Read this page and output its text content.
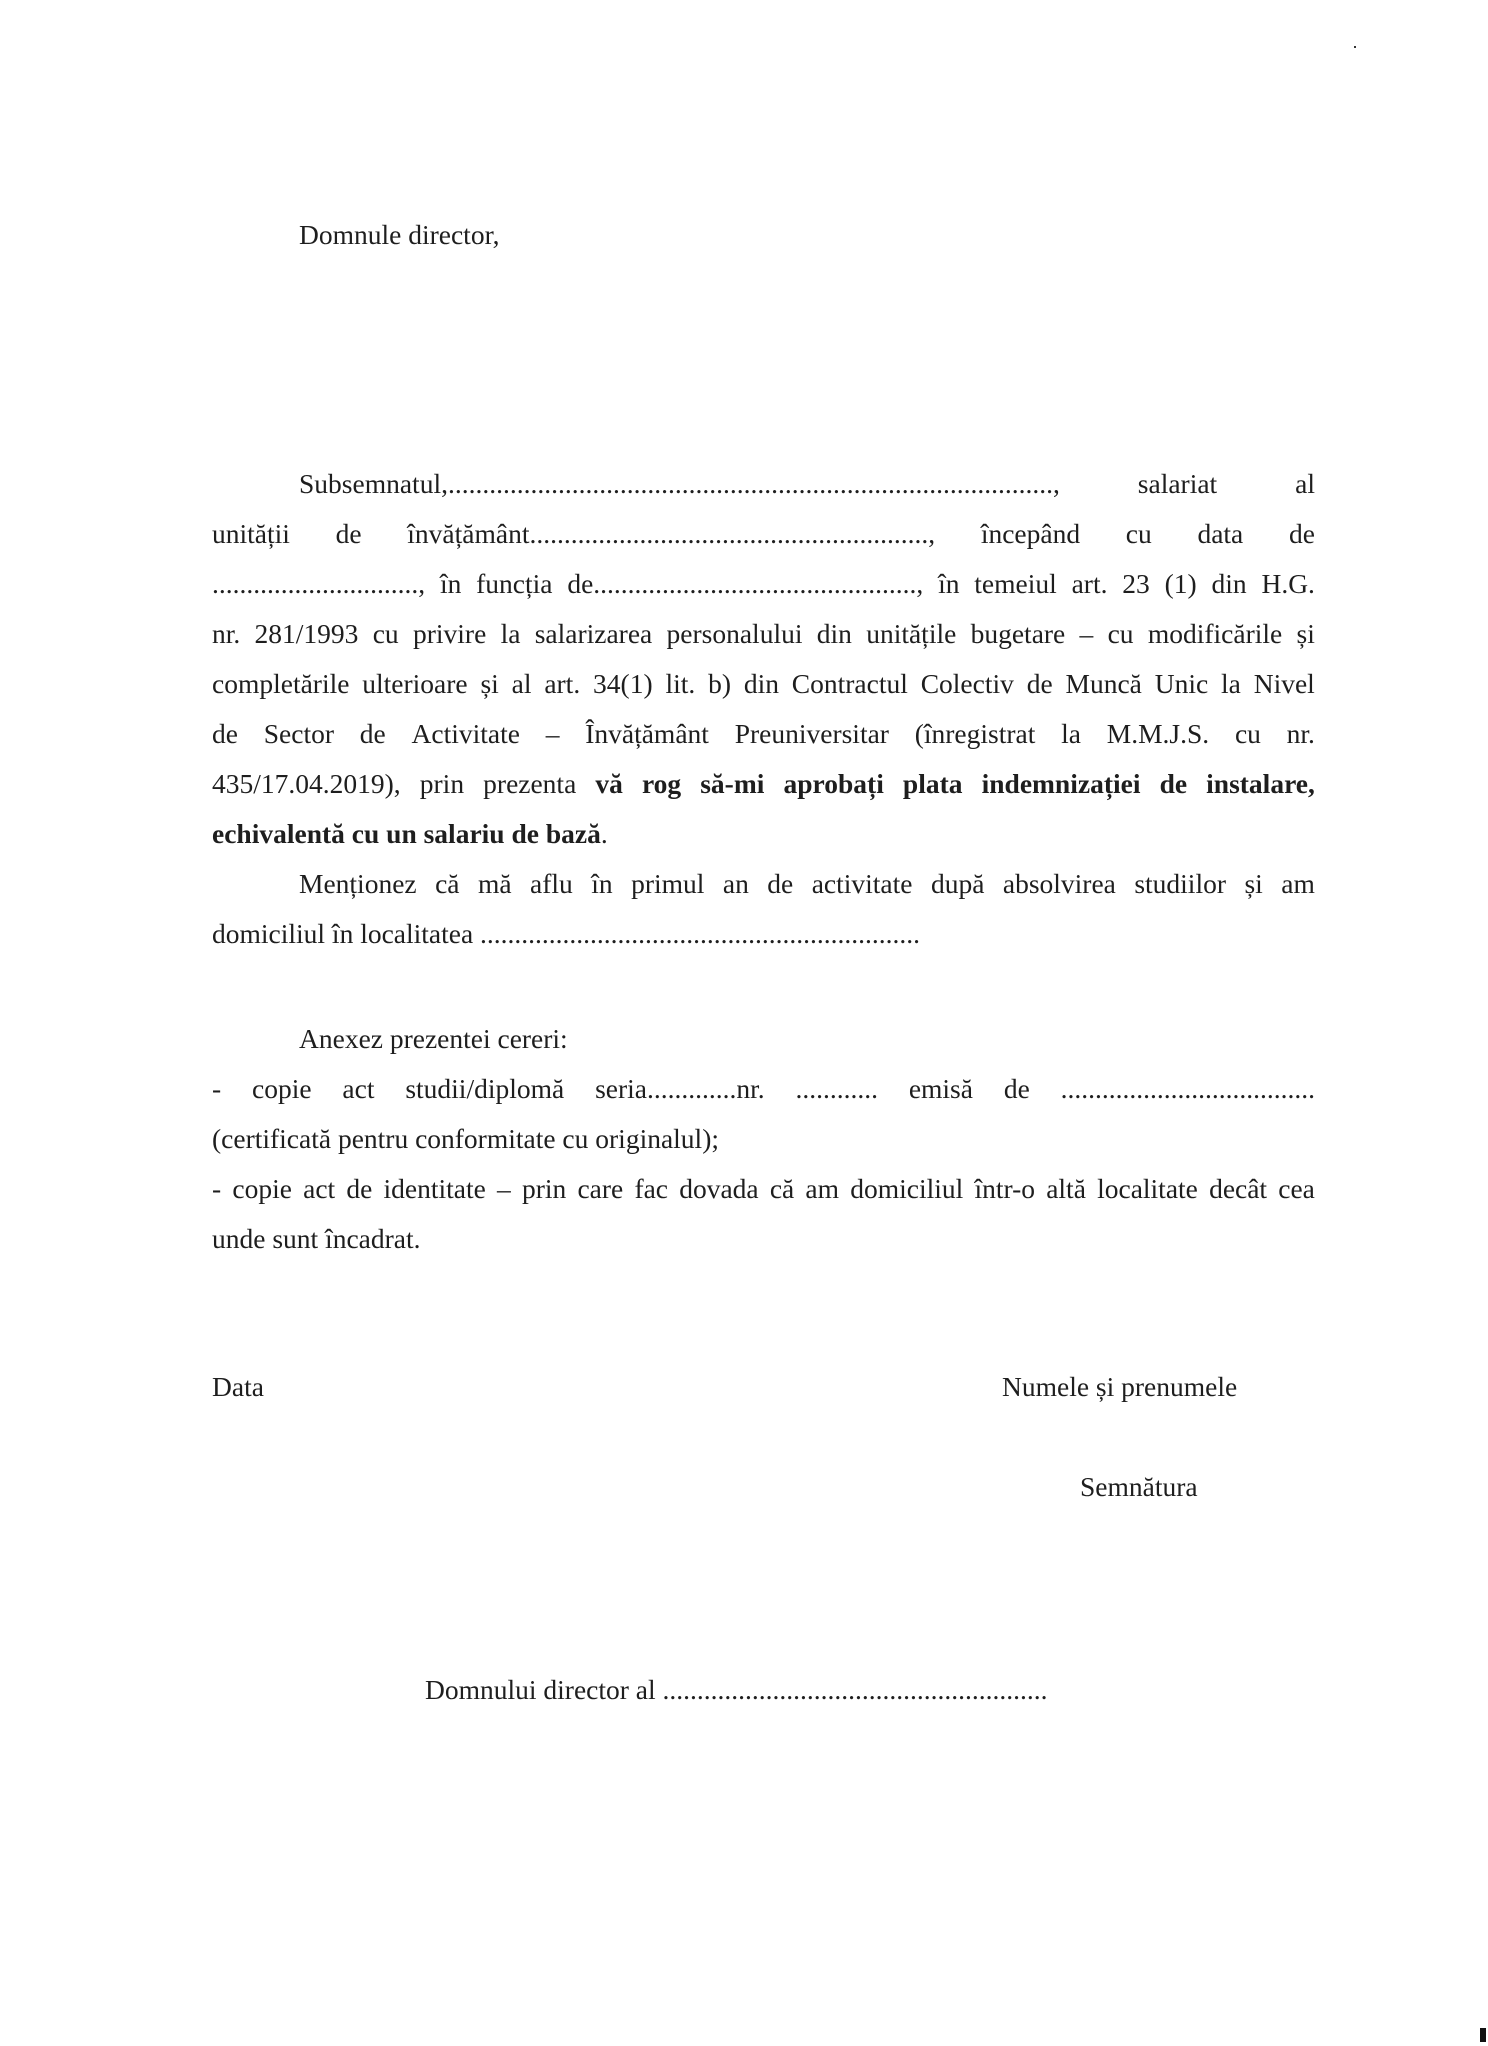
Domnule director,
Subsemnatul,........................................................................................,	salariat	al
unității de învățământ.........................................................., începând cu data de
.............................., în funcția de..............................................., în temeiul art. 23 (1) din H.G.
nr. 281/1993 cu privire la salarizarea personalului din unitățile bugetare – cu modificările și
completările ulterioare și al art. 34(1) lit. b) din Contractul Colectiv de Muncă Unic la Nivel
de Sector de Activitate – Învățământ Preuniversitar (înregistrat la M.M.J.S. cu nr.
435/17.04.2019), prin prezenta vă rog să-mi aprobați plata indemnizației de instalare,
echivalentă cu un salariu de bază.
Menționez că mă aflu în primul an de activitate după absolvirea studiilor și am
domiciliul în localitatea ................................................................
Anexez prezentei cereri:
- copie act studii/diplomă seria.............nr. ............ emisă de .....................................
(certificată pentru conformitate cu originalul);
- copie act de identitate – prin care fac dovada că am domiciliul într-o altă localitate decât cea
unde sunt încadrat.
Data	Numele și prenumele
Semnătura
Domnului director al ........................................................
